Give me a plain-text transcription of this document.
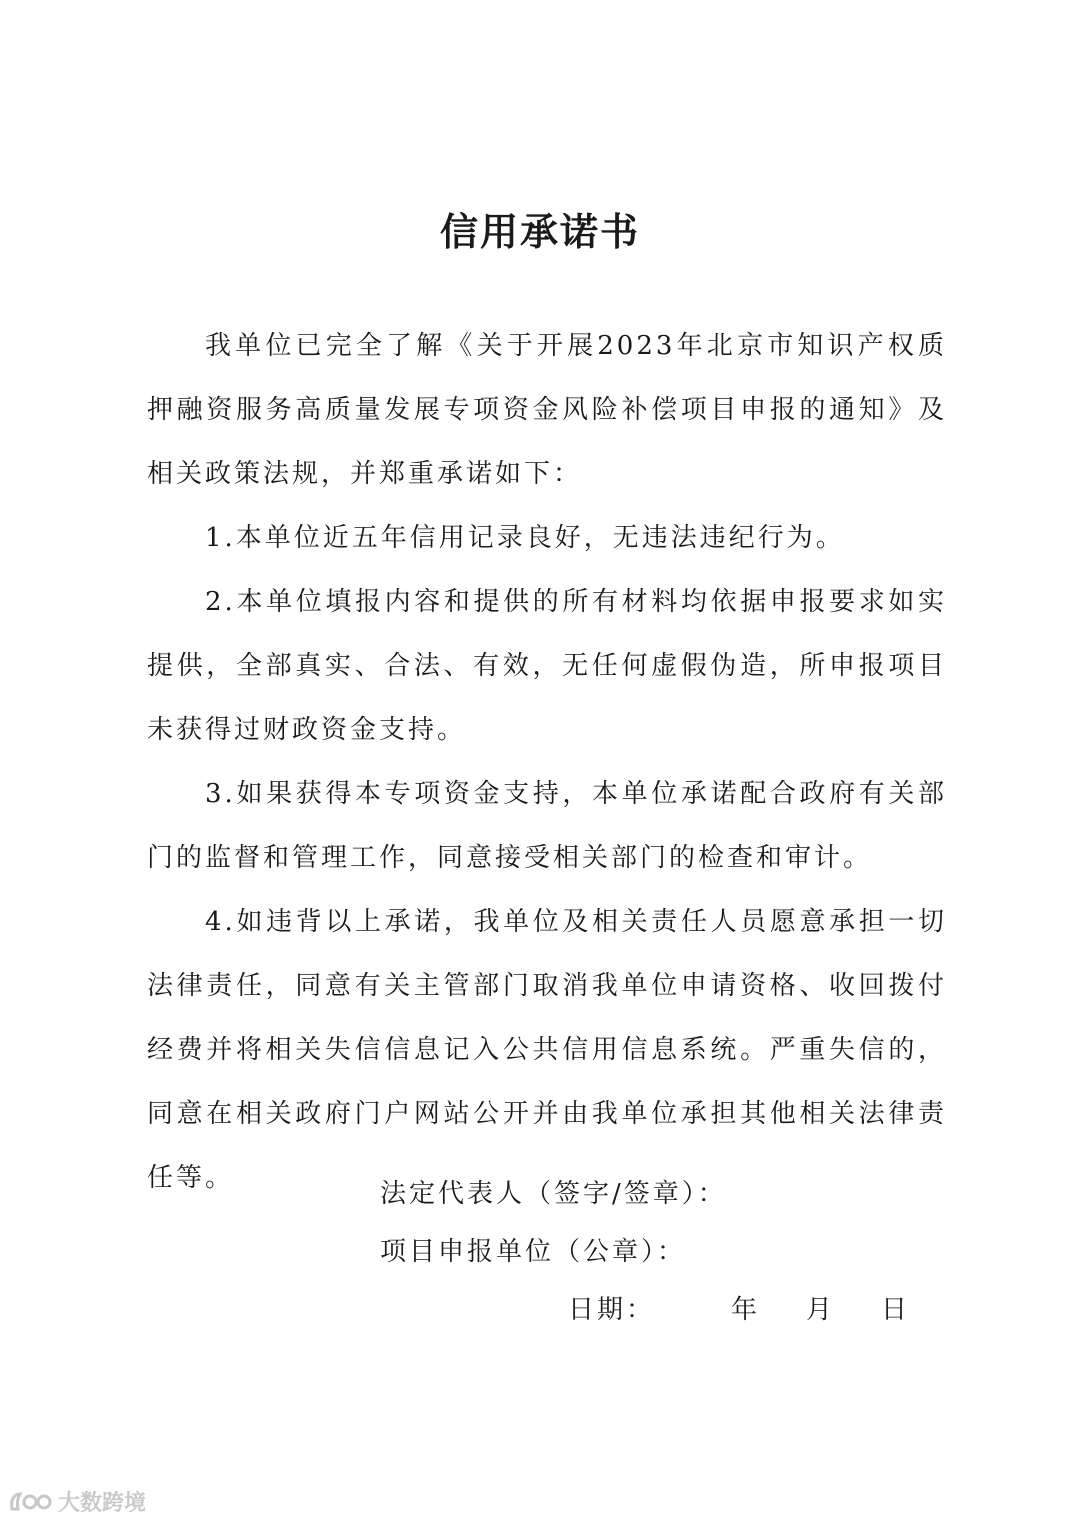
信用承诺书

我单位已完全了解《关于开展2023年北京市知识产权质押融资服务高质量发展专项资金风险补偿项目申报的通知》及相关政策法规，并郑重承诺如下：

1.本单位近五年信用记录良好，无违法违纪行为。

2.本单位填报内容和提供的所有材料均依据申报要求如实提供，全部真实、合法、有效，无任何虚假伪造，所申报项目未获得过财政资金支持。

3.如果获得本专项资金支持，本单位承诺配合政府有关部门的监督和管理工作，同意接受相关部门的检查和审计。

4.如违背以上承诺，我单位及相关责任人员愿意承担一切法律责任，同意有关主管部门取消我单位申请资格、收回拨付经费并将相关失信信息记入公共信用信息系统。严重失信的，同意在相关政府门户网站公开并由我单位承担其他相关法律责任等。

法定代表人（签字/签章）：
项目申报单位（公章）：
日期：	年 月 日
大数跨境
